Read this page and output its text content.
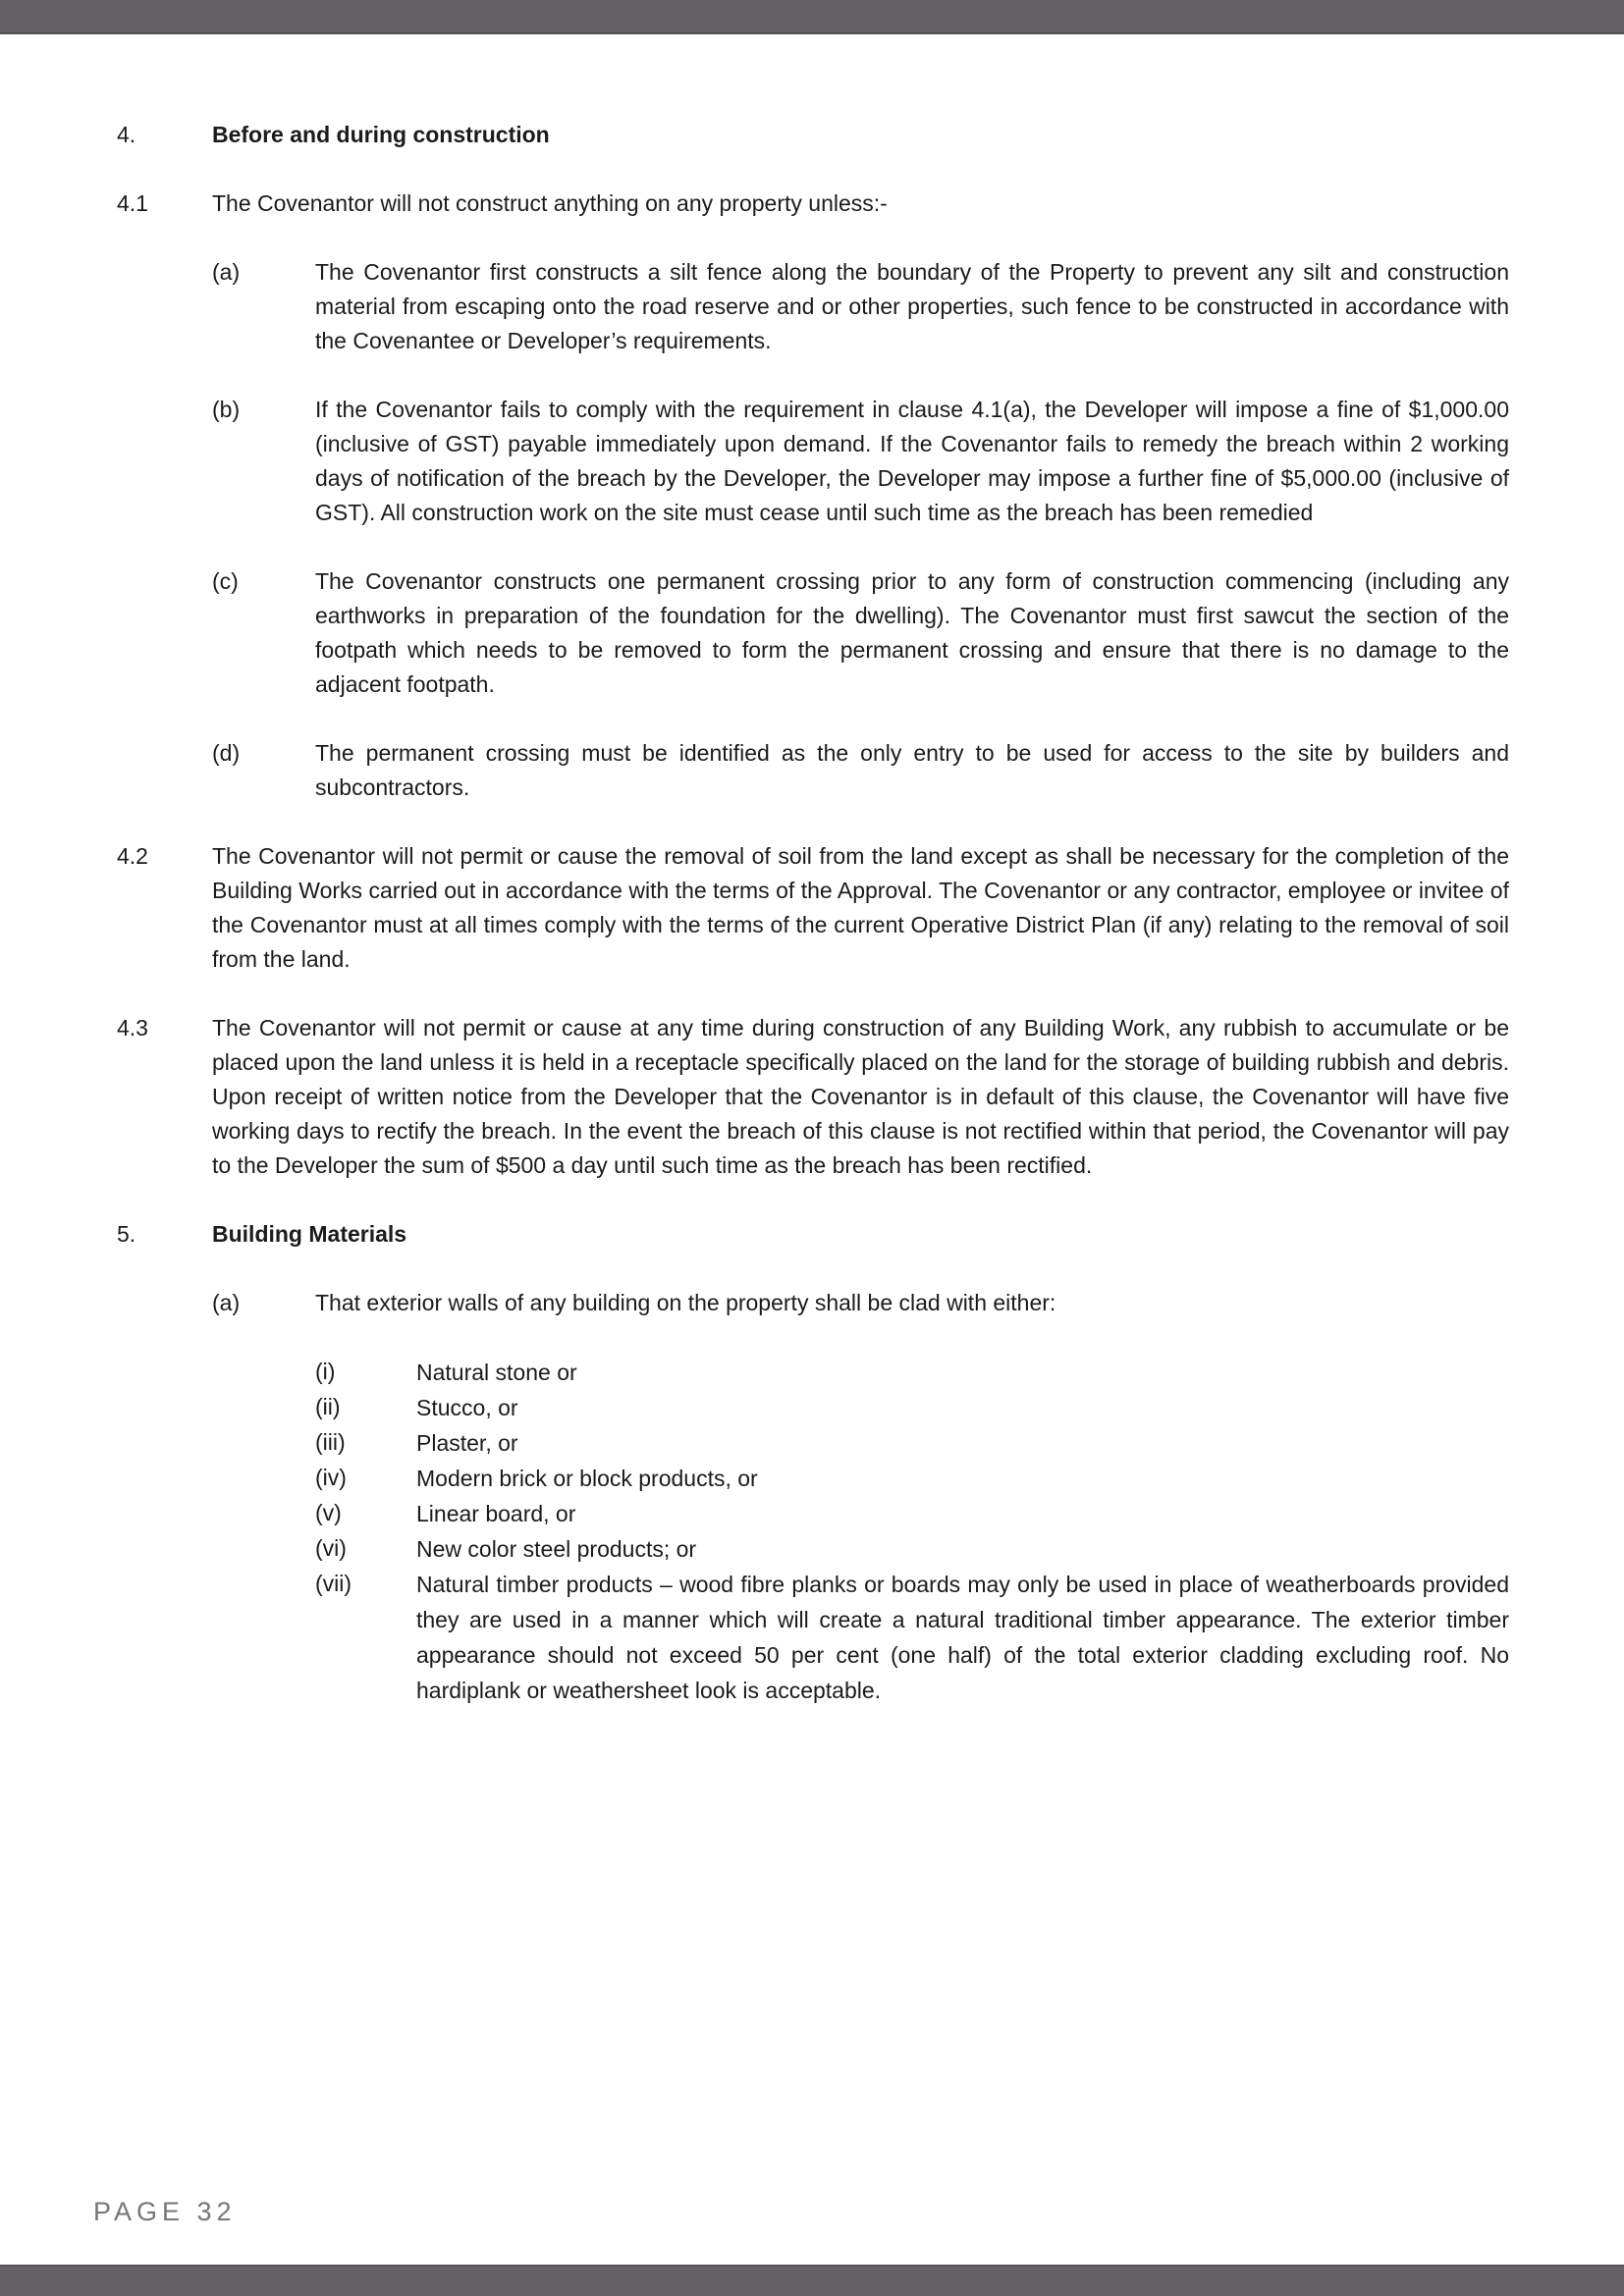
4.	Before and during construction
4.1	The Covenantor will not construct anything on any property unless:-
(a)	The Covenantor first constructs a silt fence along the boundary of the Property to prevent any silt and construction material from escaping onto the road reserve and or other properties, such fence to be constructed in accordance with the Covenantee or Developer’s requirements.
(b)	If the Covenantor fails to comply with the requirement in clause 4.1(a), the Developer will impose a fine of $1,000.00 (inclusive of GST) payable immediately upon demand. If the Covenantor fails to remedy the breach within 2 working days of notification of the breach by the Developer, the Developer may impose a further fine of $5,000.00 (inclusive of GST). All construction work on the site must cease until such time as the breach has been remedied
(c)	The Covenantor constructs one permanent crossing prior to any form of construction commencing (including any earthworks in preparation of the foundation for the dwelling). The Covenantor must first sawcut the section of the footpath which needs to be removed to form the permanent crossing and ensure that there is no damage to the adjacent footpath.
(d)	The permanent crossing must be identified as the only entry to be used for access to the site by builders and subcontractors.
4.2	The Covenantor will not permit or cause the removal of soil from the land except as shall be necessary for the completion of the Building Works carried out in accordance with the terms of the Approval. The Covenantor or any contractor, employee or invitee of the Covenantor must at all times comply with the terms of the current Operative District Plan (if any) relating to the removal of soil from the land.
4.3	The Covenantor will not permit or cause at any time during construction of any Building Work, any rubbish to accumulate or be placed upon the land unless it is held in a receptacle specifically placed on the land for the storage of building rubbish and debris. Upon receipt of written notice from the Developer that the Covenantor is in default of this clause, the Covenantor will have five working days to rectify the breach. In the event the breach of this clause is not rectified within that period, the Covenantor will pay to the Developer the sum of $500 a day until such time as the breach has been rectified.
5.	Building Materials
(a)	That exterior walls of any building on the property shall be clad with either:
(i)	Natural stone or
(ii)	Stucco, or
(iii)	Plaster, or
(iv)	Modern brick or block products, or
(v)	Linear board, or
(vi)	New color steel products; or
(vii)	Natural timber products – wood fibre planks or boards may only be used in place of weatherboards provided they are used in a manner which will create a natural traditional timber appearance. The exterior timber appearance should not exceed 50 per cent (one half) of the total exterior cladding excluding roof. No hardiplank or weathersheet look is acceptable.
PAGE 32
